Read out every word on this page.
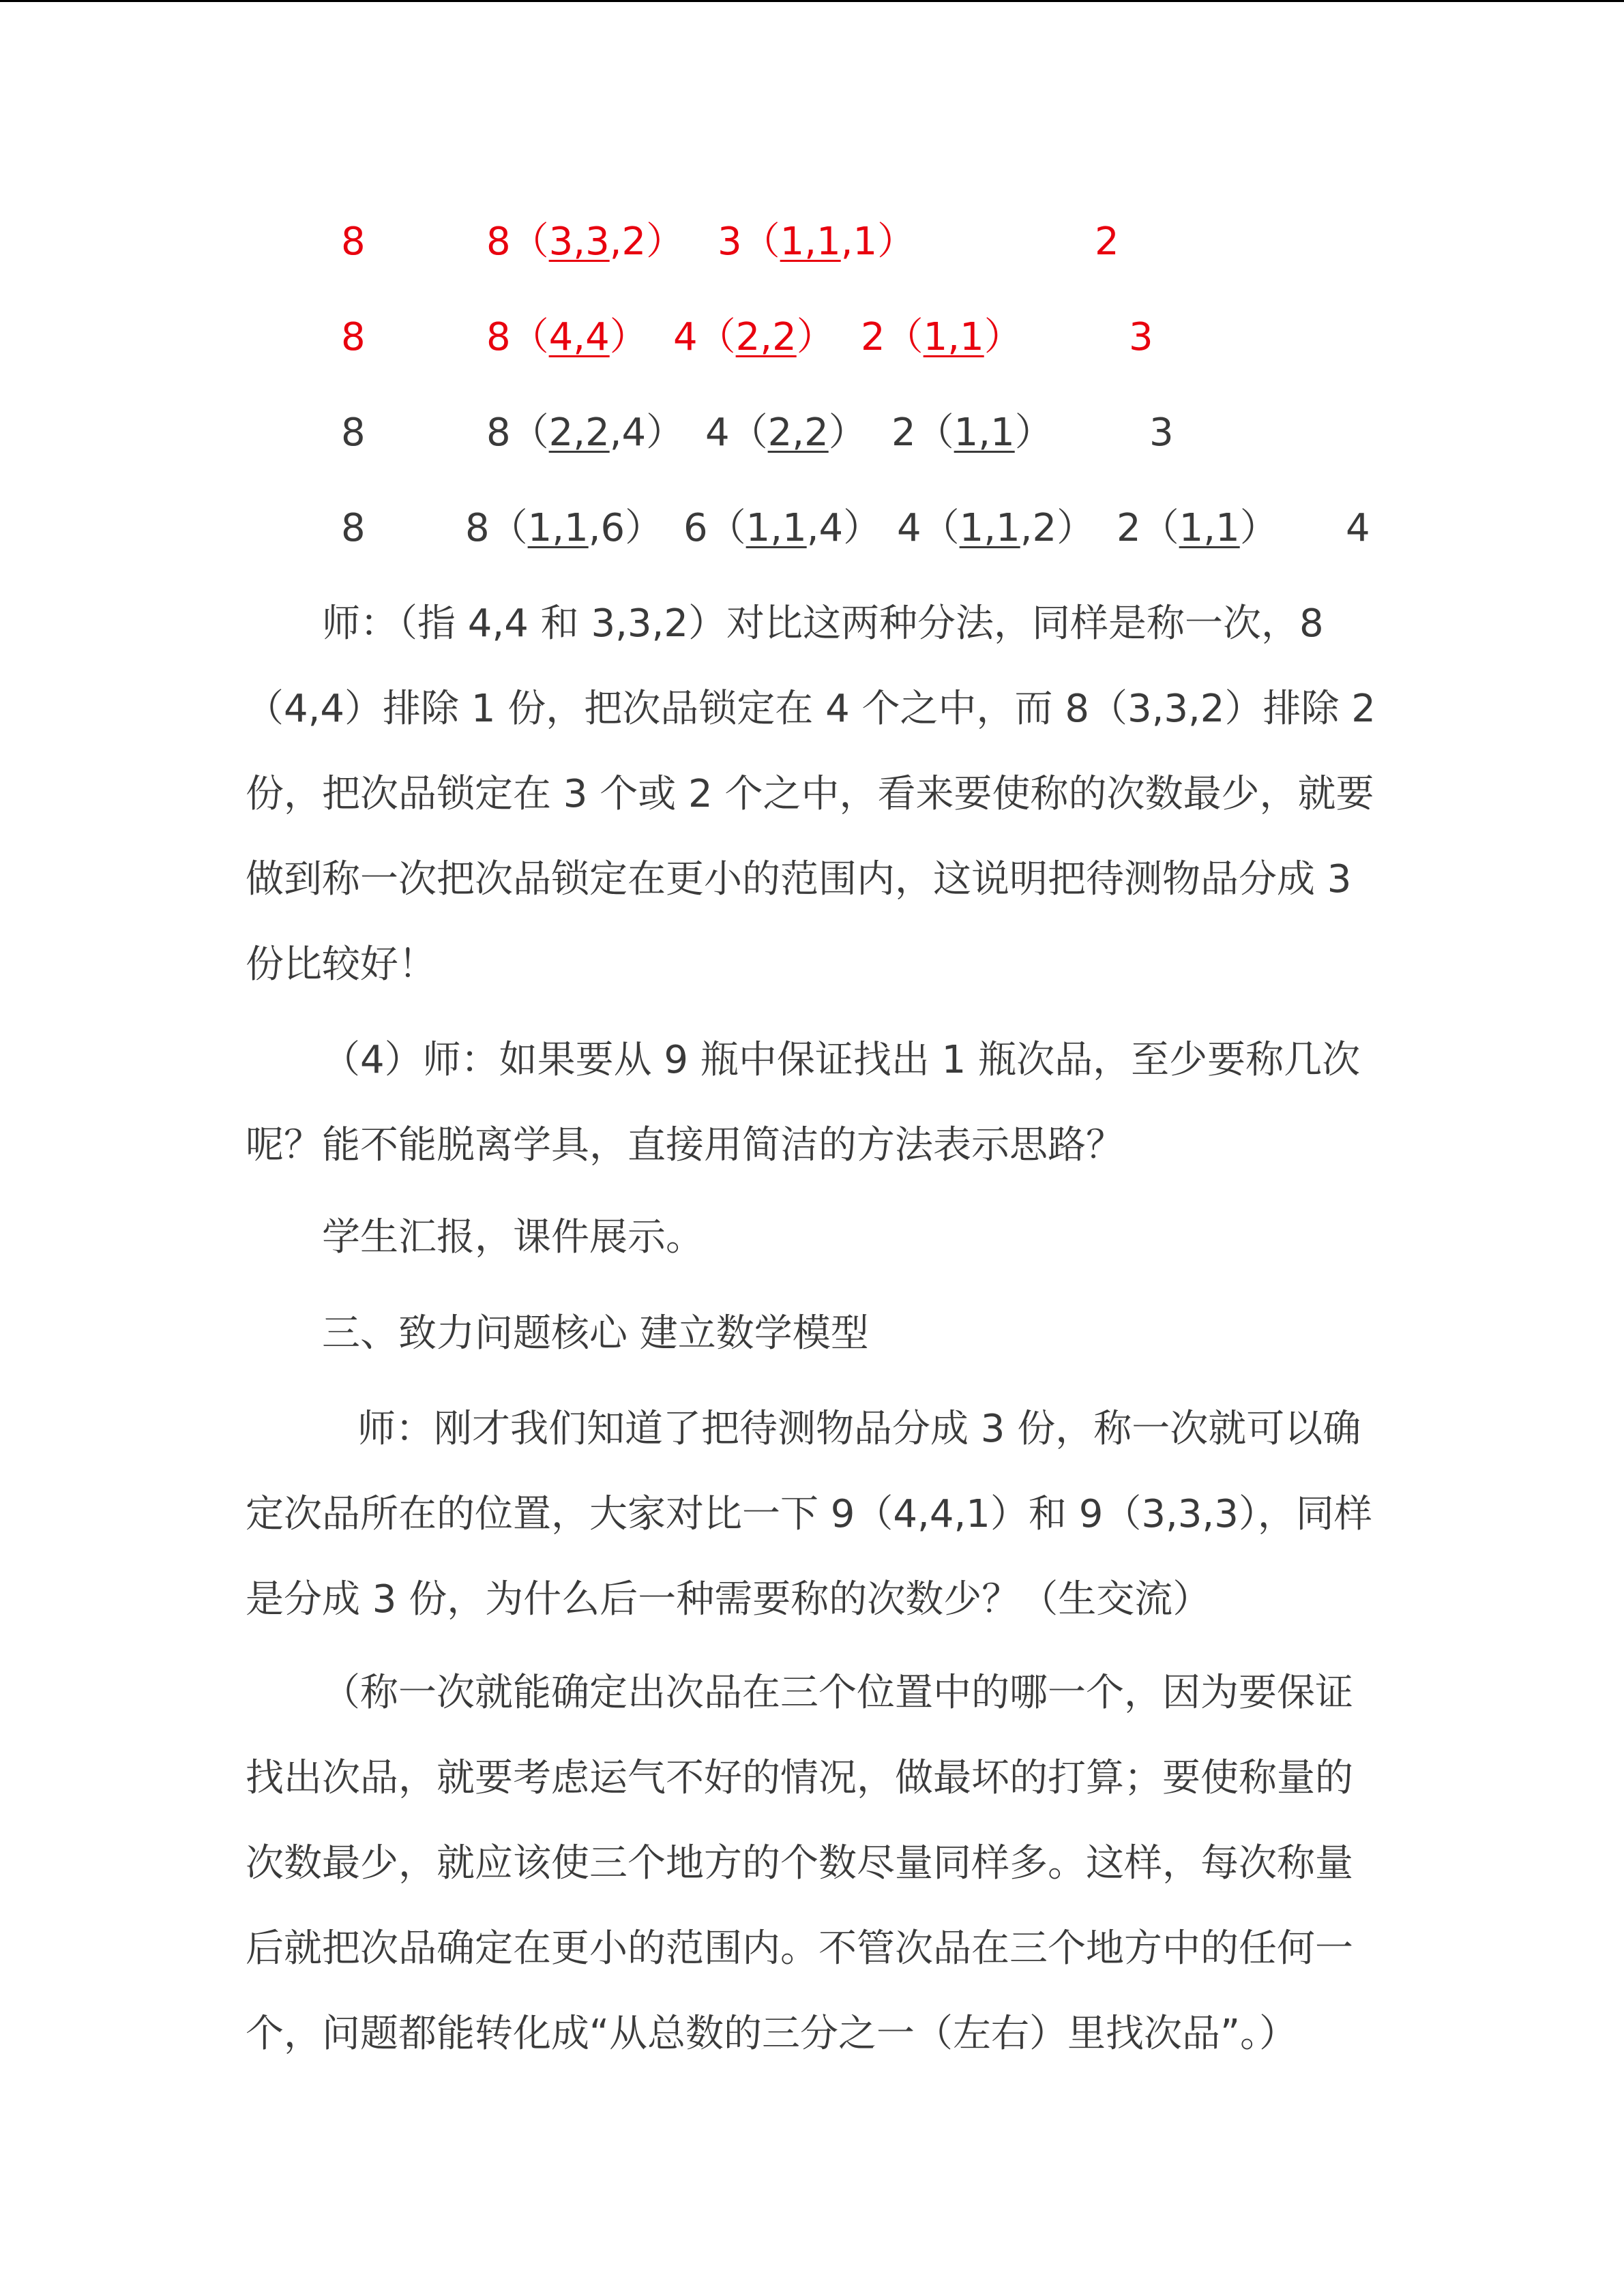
8	8（3,3,2） 3（1,1,1）	2
8	8（4,4） 4（2,2） 2（1,1）	3
8	8（2,2,4） 4（2,2） 2（1,1）	3
8	8（1,1,6） 6（1,1,4） 4（1,1,2） 2（1,1） 4
师：（指 4,4 和 3,3,2）对比这两种分法，同样是称一次，8
（4,4）排除 1 份，把次品锁定在 4 个之中，而 8（3,3,2）排除 2
份，把次品锁定在 3 个或 2 个之中，看来要使称的次数最少，就要
做到称一次把次品锁定在更小的范围内，这说明把待测物品分成 3
份比较好！
（4）师：如果要从 9 瓶中保证找出 1 瓶次品，至少要称几次
呢？能不能脱离学具，直接用简洁的方法表示思路？
学生汇报，课件展示。
三、致力问题核心 建立数学模型
师：刚才我们知道了把待测物品分成 3 份，称一次就可以确
定次品所在的位置，大家对比一下 9（4,4,1）和 9（3,3,3），同样
是分成 3 份，为什么后一种需要称的次数少？（生交流）
（称一次就能确定出次品在三个位置中的哪一个，因为要保证
找出次品，就要考虑运气不好的情况，做最坏的打算；要使称量的
次数最少，就应该使三个地方的个数尽量同样多。这样，每次称量
后就把次品确定在更小的范围内。不管次品在三个地方中的任何一
个，问题都能转化成“从总数的三分之一（左右）里找次品”。）
